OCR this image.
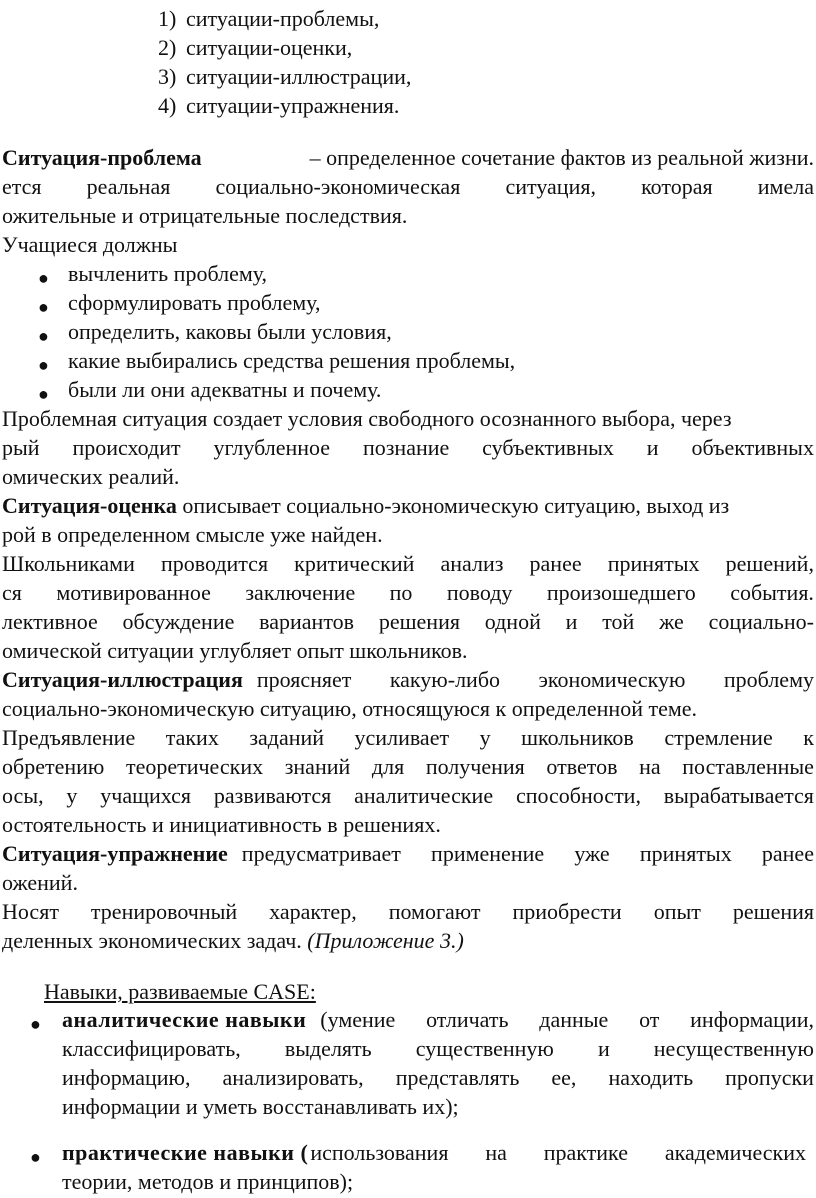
1) ситуации-проблемы,
2) ситуации-оценки,
3) ситуации-иллюстрации,
4) ситуации-упражнения.
Ситуация-проблема	– определенное сочетание фактов из реальной жизни.
ется реальная социально-экономическая ситуация, которая имела
ожительные и отрицательные последствия.
Учащиеся должны
● вычленить проблему,
● сформулировать проблему,
● определить, каковы были условия,
● какие выбирались средства решения проблемы,
● были ли они адекватны и почему.
Проблемная ситуация создает условия свободного осознанного выбора, через
рый происходит углубленное познание субъективных и объективных
омических реалий.
Ситуация-оценка описывает социально-экономическую ситуацию, выход из
рой в определенном смысле уже найден.
Школьниками проводится критический анализ ранее принятых решений,
ся мотивированное заключение по поводу произошедшего события.
лективное обсуждение вариантов решения одной и той же социально-
омической ситуации углубляет опыт школьников.
Ситуация-иллюстрация проясняет какую-либо экономическую проблему
социально-экономическую ситуацию, относящуюся к определенной теме.
Предъявление таких заданий усиливает у школьников стремление к
обретению теоретических знаний для получения ответов на поставленные
осы, у учащихся развиваются аналитические способности, вырабатывается
остоятельность и инициативность в решениях.
Ситуация-упражнение предусматривает применение уже принятых ранее
ожений.
Носят тренировочный характер, помогают приобрести опыт решения
деленных экономических задач. (Приложение 3.)
Навыки, развиваемые CASE:
● аналитические навыки (умение отличать данные от информации,
классифицировать, выделять существенную и несущественную
информацию, анализировать, представлять ее, находить пропуски
информации и уметь восстанавливать их);
● практические навыки ( использования на практике академических
теории, методов и принципов);
